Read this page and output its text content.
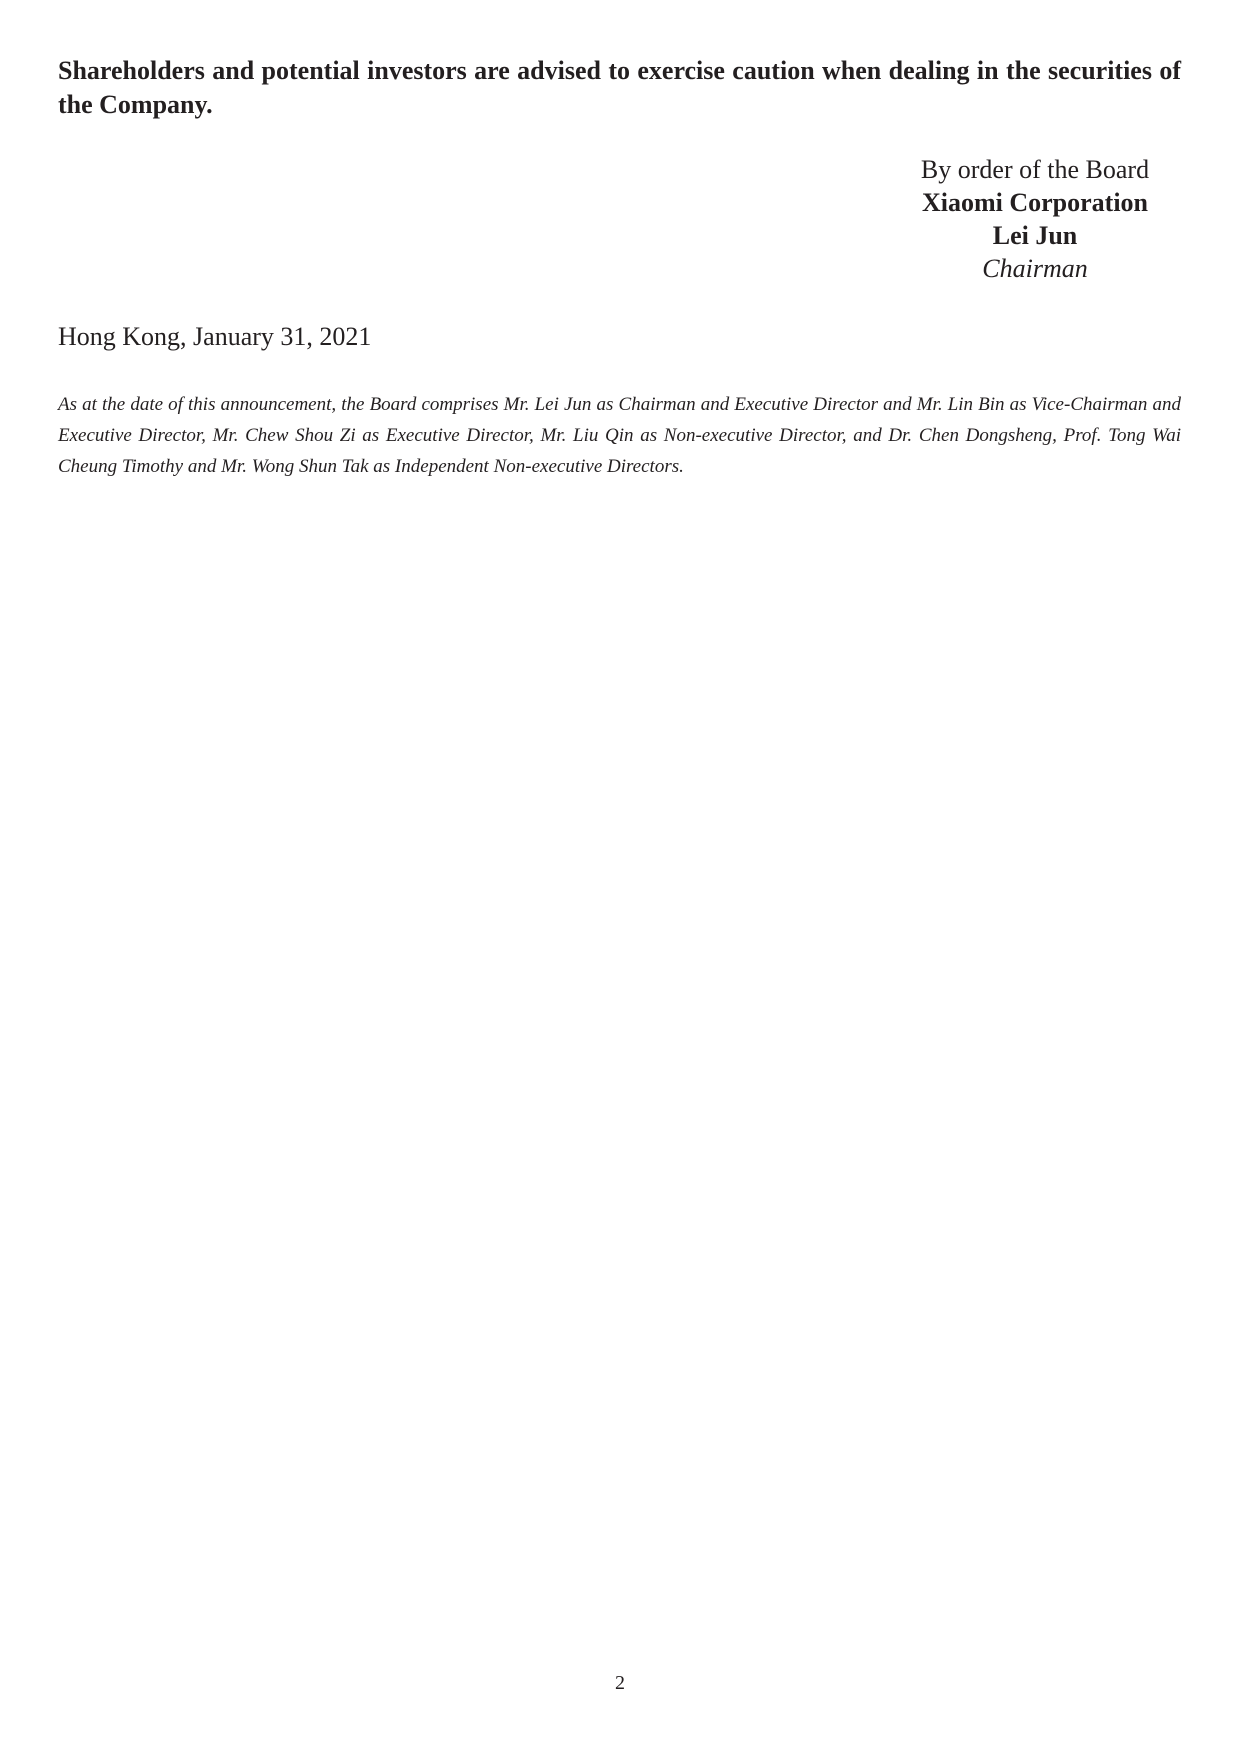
Shareholders and potential investors are advised to exercise caution when dealing in the securities of the Company.

By order of the Board
Xiaomi Corporation
Lei Jun
Chairman

Hong Kong, January 31, 2021

As at the date of this announcement, the Board comprises Mr. Lei Jun as Chairman and Executive Director and Mr. Lin Bin as Vice-Chairman and Executive Director, Mr. Chew Shou Zi as Executive Director, Mr. Liu Qin as Non-executive Director, and Dr. Chen Dongsheng, Prof. Tong Wai Cheung Timothy and Mr. Wong Shun Tak as Independent Non-executive Directors.

2
